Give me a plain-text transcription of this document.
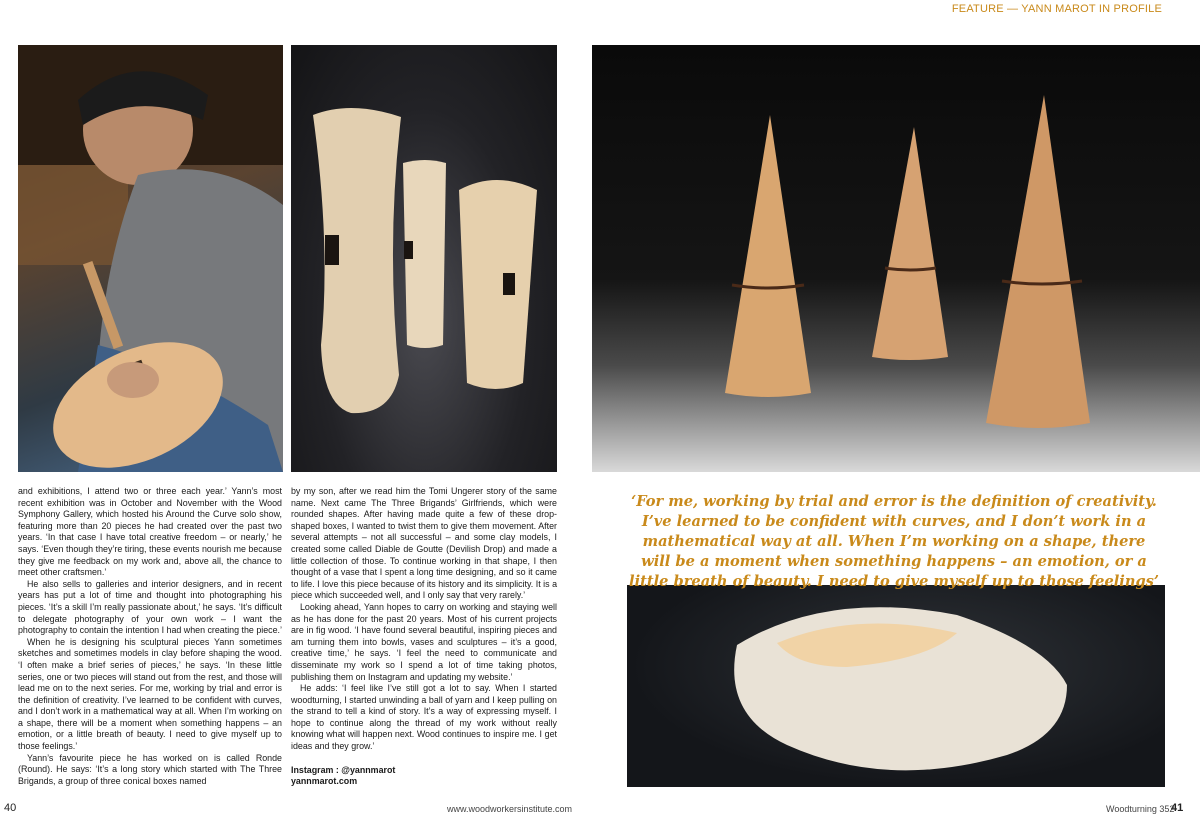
FEATURE — YANN MAROT IN PROFILE

and exhibitions, I attend two or three each year.’ Yann’s most recent exhibition was in October and November with the Wood Symphony Gallery, which hosted his Around the Curve solo show, featuring more than 20 pieces he had created over the past two years. ‘In that case I have total creative freedom – or nearly,’ he says. ‘Even though they’re tiring, these events nourish me because they give me feedback on my work and, above all, the chance to meet other craftsmen.’

He also sells to galleries and interior designers, and in recent years has put a lot of time and thought into photographing his pieces. ‘It’s a skill I’m really passionate about,’ he says. ‘It’s difficult to delegate photography of your own work – I want the photography to contain the intention I had when creating the piece.’

When he is designing his sculptural pieces Yann sometimes sketches and sometimes models in clay before shaping the wood. ‘I often make a brief series of pieces,’ he says. ‘In these little series, one or two pieces will stand out from the rest, and those will lead me on to the next series. For me, working by trial and error is the definition of creativity. I’ve learned to be confident with curves, and I don’t work in a mathematical way at all. When I’m working on a shape, there will be a moment when something happens – an emotion, or a little breath of beauty. I need to give myself up to those feelings.’

Yann’s favourite piece he has worked on is called Ronde (Round). He says: ‘It’s a long story which started with The Three Brigands, a group of three conical boxes named

by my son, after we read him the Tomi Ungerer story of the same name. Next came The Three Brigands’ Girlfriends, which were rounded shapes. After having made quite a few of these drop-shaped boxes, I wanted to twist them to give them movement. After several attempts – not all successful – and some clay models, I created some called Diable de Goutte (Devilish Drop) and made a little collection of those. To continue working in that shape, I then thought of a vase that I spent a long time designing, and so it came to life. I love this piece because of its history and its simplicity. It is a piece which succeeded well, and I only say that very rarely.’

Looking ahead, Yann hopes to carry on working and staying well as he has done for the past 20 years. Most of his current projects are in fig wood. ‘I have found several beautiful, inspiring pieces and am turning them into bowls, vases and sculptures – it’s a good, creative time,’ he says. ‘I feel the need to communicate and disseminate my work so I spend a lot of time taking photos, publishing them on Instagram and updating my website.’

He adds: ‘I feel like I’ve still got a lot to say. When I started woodturning, I started unwinding a ball of yarn and I keep pulling on the strand to tell a kind of story. It’s a way of expressing myself. I hope to continue along the thread of my work without really knowing what will happen next. Wood continues to inspire me. I get ideas and they grow.’

Instagram : @yannmarot
yannmarot.com
‘For me, working by trial and error is the definition of creativity. I’ve learned to be confident with curves, and I don’t work in a mathematical way at all. When I’m working on a shape, there will be a moment when something happens – an emotion, or a little breath of beauty. I need to give myself up to those feelings’
40	www.woodworkersinstitute.com	Woodturning 352
41
